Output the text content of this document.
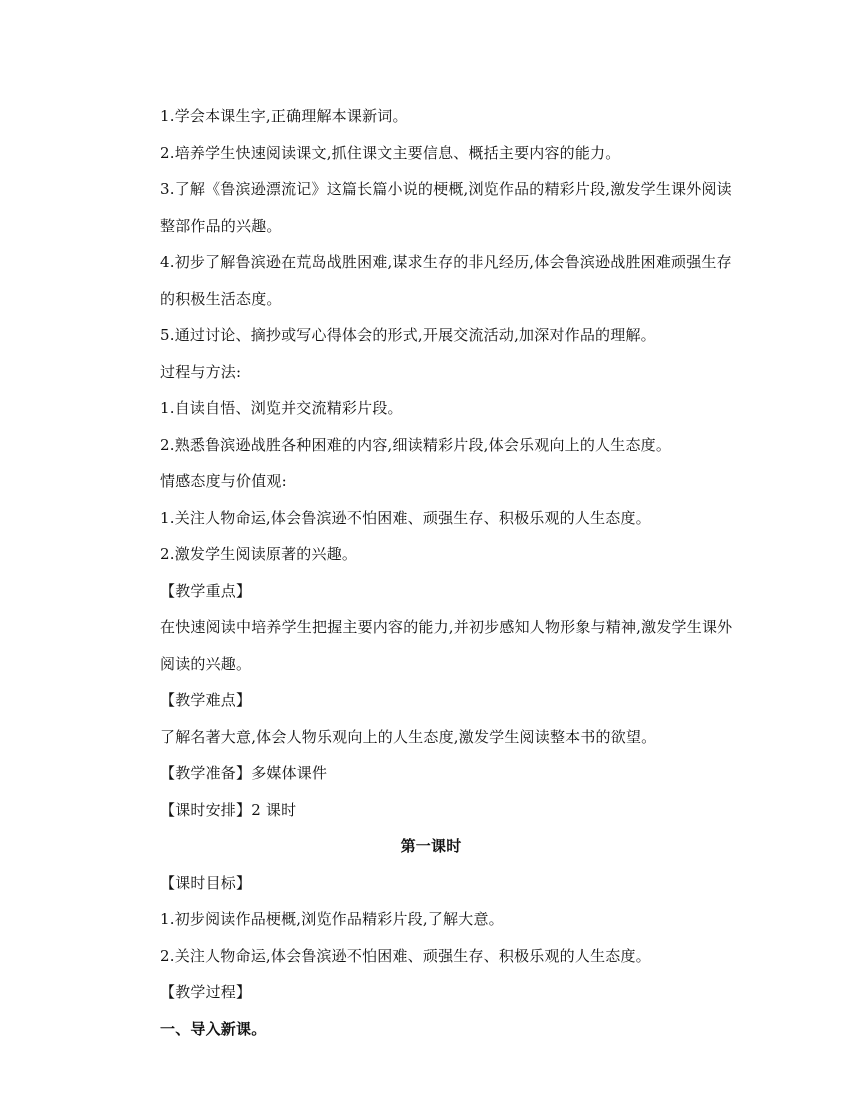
1.学会本课生字,正确理解本课新词。
2.培养学生快速阅读课文,抓住课文主要信息、概括主要内容的能力。
3.了解《鲁滨逊漂流记》这篇长篇小说的梗概,浏览作品的精彩片段,激发学生课外阅读整部作品的兴趣。
4.初步了解鲁滨逊在荒岛战胜困难,谋求生存的非凡经历,体会鲁滨逊战胜困难顽强生存的积极生活态度。
5.通过讨论、摘抄或写心得体会的形式,开展交流活动,加深对作品的理解。
过程与方法:
1.自读自悟、浏览并交流精彩片段。
2.熟悉鲁滨逊战胜各种困难的内容,细读精彩片段,体会乐观向上的人生态度。
情感态度与价值观:
1.关注人物命运,体会鲁滨逊不怕困难、顽强生存、积极乐观的人生态度。
2.激发学生阅读原著的兴趣。
【教学重点】
在快速阅读中培养学生把握主要内容的能力,并初步感知人物形象与精神,激发学生课外阅读的兴趣。
【教学难点】
了解名著大意,体会人物乐观向上的人生态度,激发学生阅读整本书的欲望。
【教学准备】多媒体课件
【课时安排】2 课时
第一课时
【课时目标】
1.初步阅读作品梗概,浏览作品精彩片段,了解大意。
2.关注人物命运,体会鲁滨逊不怕困难、顽强生存、积极乐观的人生态度。
【教学过程】
一、导入新课。
